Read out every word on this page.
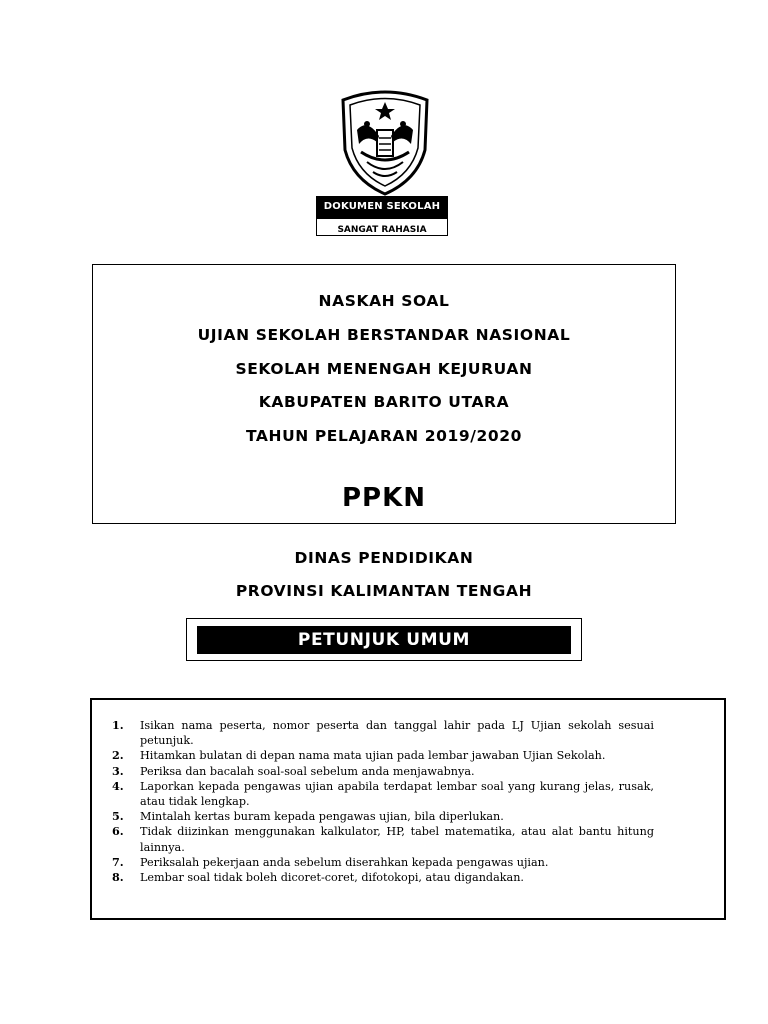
DOKUMEN SEKOLAH
SANGAT RAHASIA
NASKAH SOAL
UJIAN SEKOLAH BERSTANDAR NASIONAL
SEKOLAH MENENGAH KEJURUAN
KABUPATEN BARITO UTARA
TAHUN PELAJARAN 2019/2020
PPKN
DINAS PENDIDIKAN
PROVINSI KALIMANTAN TENGAH
PETUNJUK UMUM
1. Isikan nama peserta, nomor peserta dan tanggal lahir pada LJ Ujian sekolah sesuai petunjuk.
2. Hitamkan bulatan di depan nama mata ujian pada lembar jawaban Ujian Sekolah.
3. Periksa dan bacalah soal-soal sebelum anda menjawabnya.
4. Laporkan kepada pengawas ujian apabila terdapat lembar soal yang kurang jelas, rusak, atau tidak lengkap.
5. Mintalah kertas buram kepada pengawas ujian, bila diperlukan.
6. Tidak diizinkan menggunakan kalkulator, HP, tabel matematika, atau alat bantu hitung lainnya.
7. Periksalah pekerjaan anda sebelum diserahkan kepada pengawas ujian.
8. Lembar soal tidak boleh dicoret-coret, difotokopi, atau digandakan.
